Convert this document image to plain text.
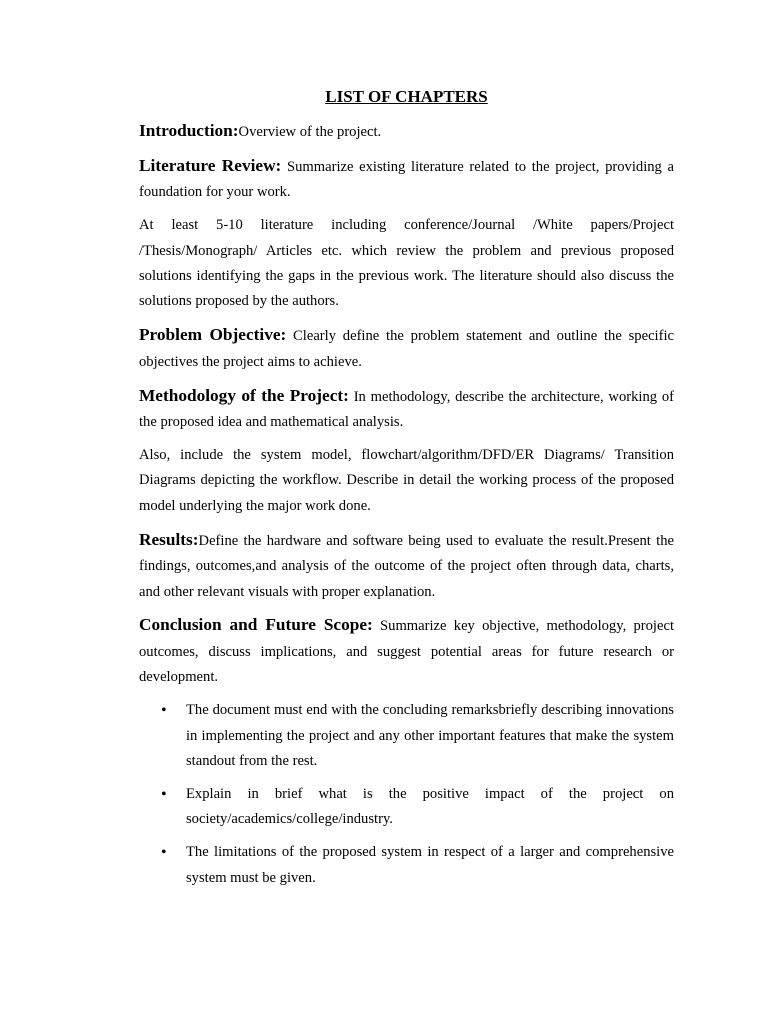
LIST OF CHAPTERS

Introduction:Overview of the project.

Literature Review: Summarize existing literature related to the project, providing a foundation for your work.

At least 5-10 literature including conference/Journal /White papers/Project /Thesis/Monograph/ Articles etc. which review the problem and previous proposed solutions identifying the gaps in the previous work. The literature should also discuss the solutions proposed by the authors.

Problem Objective: Clearly define the problem statement and outline the specific objectives the project aims to achieve.

Methodology of the Project: In methodology, describe the architecture, working of the proposed idea and mathematical analysis.

Also, include the system model, flowchart/algorithm/DFD/ER Diagrams/ Transition Diagrams depicting the workflow. Describe in detail the working process of the proposed model underlying the major work done.

Results:Define the hardware and software being used to evaluate the result.Present the findings, outcomes,and analysis of the outcome of the project often through data, charts, and other relevant visuals with proper explanation.

Conclusion and Future Scope: Summarize key objective, methodology, project outcomes, discuss implications, and suggest potential areas for future research or development.

• The document must end with the concluding remarksbriefly describing innovations in implementing the project and any other important features that make the system standout from the rest.
• Explain in brief what is the positive impact of the project on society/academics/college/industry.
• The limitations of the proposed system in respect of a larger and comprehensive system must be given.
